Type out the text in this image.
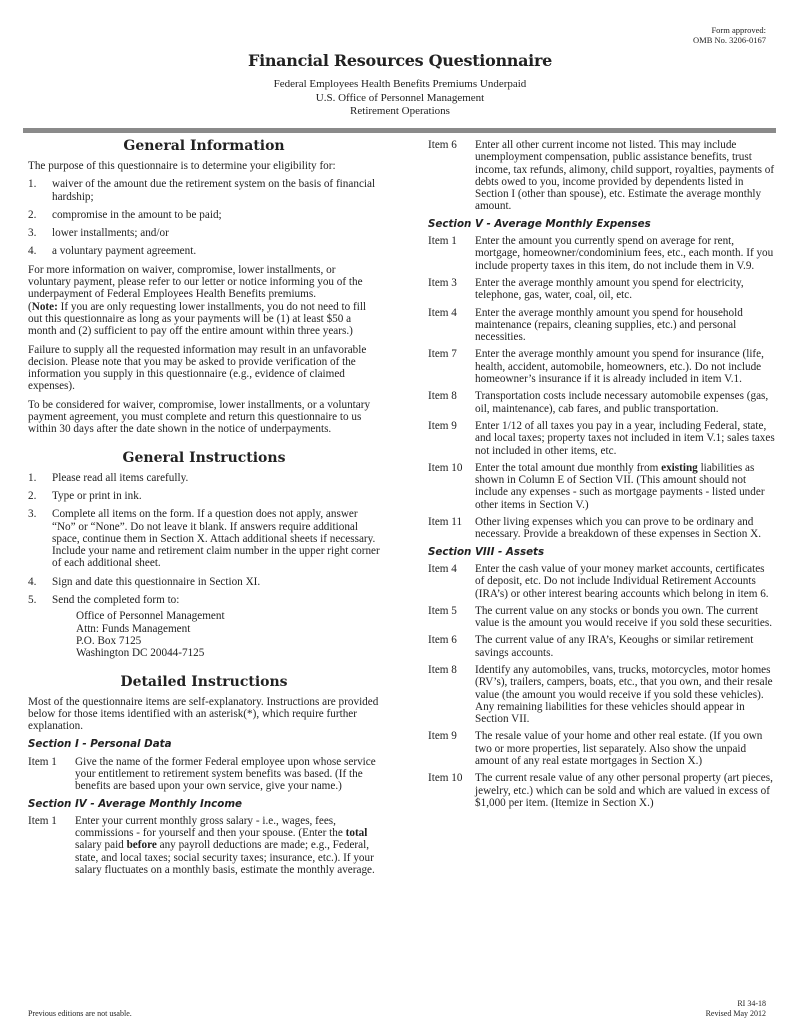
Form approved:
OMB No. 3206-0167
Financial Resources Questionnaire
Federal Employees Health Benefits Premiums Underpaid
U.S. Office of Personnel Management
Retirement Operations
General Information

The purpose of this questionnaire is to determine your eligibility for:

1.	waiver of the amount due the retirement system on the basis of financial hardship;
2.	compromise in the amount to be paid;
3.	lower installments; and/or
4.	a voluntary payment agreement.

For more information on waiver, compromise, lower installments, or voluntary payment, please refer to our letter or notice informing you of the underpayment of Federal Employees Health Benefits premiums.
(Note: If you are only requesting lower installments, you do not need to fill out this questionnaire as long as your payments will be (1) at least $50 a month and (2) sufficient to pay off the entire amount within three years.)

Failure to supply all the requested information may result in an unfavorable decision. Please note that you may be asked to provide verification of the information you supply in this questionnaire (e.g., evidence of claimed expenses).

To be considered for waiver, compromise, lower installments, or a voluntary payment agreement, you must complete and return this questionnaire to us within 30 days after the date shown in the notice of underpayments.

General Instructions
1.	Please read all items carefully.
2.	Type or print in ink.
3.	Complete all items on the form. If a question does not apply, answer “No” or “None”. Do not leave it blank. If answers require additional space, continue them in Section X. Attach additional sheets if necessary. Include your name and retirement claim number in the upper right corner of each additional sheet.
4.	Sign and date this questionnaire in Section XI.
5.	Send the completed form to:
Office of Personnel Management
Attn: Funds Management
P.O. Box 7125
Washington DC 20044-7125
Detailed Instructions

Most of the questionnaire items are self-explanatory. Instructions are provided below for those items identified with an asterisk(*), which require further explanation.

Section I - Personal Data
Item 1	Give the name of the former Federal employee upon whose service your entitlement to retirement system benefits was based. (If the benefits are based upon your own service, give your name.)
Section IV - Average Monthly Income
Item 1	Enter your current monthly gross salary - i.e., wages, fees, commissions - for yourself and then your spouse. (Enter the total salary paid before any payroll deductions are made; e.g., Federal, state, and local taxes; social security taxes; insurance, etc.). If your salary fluctuates on a monthly basis, estimate the monthly average.
Item 6	Enter all other current income not listed. This may include unemployment compensation, public assistance benefits, trust income, tax refunds, alimony, child support, royalties, payments of debts owed to you, income provided by dependents listed in Section I (other than spouse), etc. Estimate the average monthly amount.
Section V - Average Monthly Expenses
Item 1	Enter the amount you currently spend on average for rent, mortgage, homeowner/condominium fees, etc., each month. If you include property taxes in this item, do not include them in V.9.
Item 3	Enter the average monthly amount you spend for electricity, telephone, gas, water, coal, oil, etc.
Item 4	Enter the average monthly amount you spend for household maintenance (repairs, cleaning supplies, etc.) and personal necessities.
Item 7	Enter the average monthly amount you spend for insurance (life, health, accident, automobile, homeowners, etc.). Do not include homeowner’s insurance if it is already included in item V.1.
Item 8	Transportation costs include necessary automobile expenses (gas, oil, maintenance), cab fares, and public transportation.
Item 9	Enter 1/12 of all taxes you pay in a year, including Federal, state, and local taxes; property taxes not included in item V.1; sales taxes not included in other items, etc.
Item 10	Enter the total amount due monthly from existing liabilities as shown in Column E of Section VII. (This amount should not include any expenses - such as mortgage payments - listed under other items in Section V.)
Item 11	Other living expenses which you can prove to be ordinary and necessary. Provide a breakdown of these expenses in Section X.
Section VIII - Assets
Item 4	Enter the cash value of your money market accounts, certificates of deposit, etc. Do not include Individual Retirement Accounts (IRA’s) or other interest bearing accounts which belong in item 6.
Item 5	The current value on any stocks or bonds you own. The current value is the amount you would receive if you sold these securities.
Item 6	The current value of any IRA’s, Keoughs or similar retirement savings accounts.
Item 8	Identify any automobiles, vans, trucks, motorcycles, motor homes (RV’s), trailers, campers, boats, etc., that you own, and their resale value (the amount you would receive if you sold these vehicles). Any remaining liabilities for these vehicles should appear in Section VII.
Item 9	The resale value of your home and other real estate. (If you own two or more properties, list separately. Also show the unpaid amount of any real estate mortgages in Section X.)
Item 10	The current resale value of any other personal property (art pieces, jewelry, etc.) which can be sold and which are valued in excess of $1,000 per item. (Itemize in Section X.)
Previous editions are not usable.
RI 34-18
Revised May 2012
